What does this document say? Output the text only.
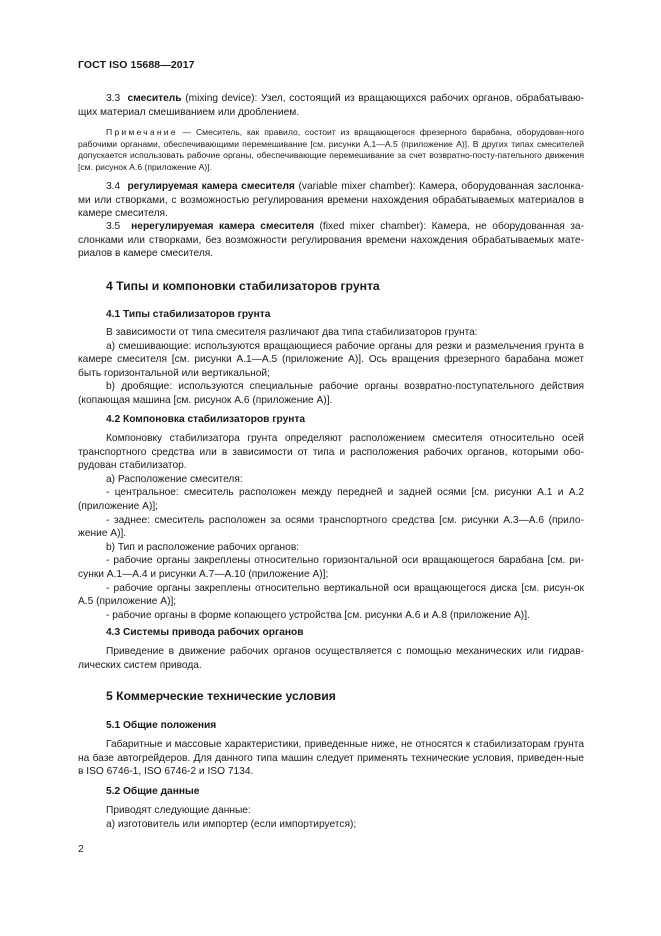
ГОСТ ISO 15688—2017

3.3 смеситель (mixing device): Узел, состоящий из вращающихся рабочих органов, обрабатываю-щих материал смешиванием или дроблением.

Примечание — Смеситель, как правило, состоит из вращающегося фрезерного барабана, оборудован-ного рабочими органами, обеспечивающими перемешивание [см. рисунки А.1—А.5 (приложение А)]. В других типах смесителей допускается использовать рабочие органы, обеспечивающие перемешивание за счет возвратно-посту-пательного движения [см. рисунок А.6 (приложение А)].

3.4 регулируемая камера смесителя (variable mixer chamber): Камера, оборудованная заслонка-ми или створками, с возможностью регулирования времени нахождения обрабатываемых материалов в камере смесителя.

3.5 нерегулируемая камера смесителя (fixed mixer chamber): Камера, не оборудованная за-слонками или створками, без возможности регулирования времени нахождения обрабатываемых мате-риалов в камере смесителя.

4 Типы и компоновки стабилизаторов грунта
4.1 Типы стабилизаторов грунта

В зависимости от типа смесителя различают два типа стабилизаторов грунта:

a) смешивающие: используются вращающиеся рабочие органы для резки и размельчения грунта в камере смесителя [см. рисунки А.1—А.5 (приложение А)]. Ось вращения фрезерного барабана может быть горизонтальной или вертикальной;

b) дробящие: используются специальные рабочие органы возвратно-поступательного действия (копающая машина [см. рисунок А.6 (приложение А)].

4.2 Компоновка стабилизаторов грунта

Компоновку стабилизатора грунта определяют расположением смесителя относительно осей транспортного средства или в зависимости от типа и расположения рабочих органов, которыми обо-рудован стабилизатор.

a) Расположение смесителя:

- центральное: смеситель расположен между передней и задней осями [см. рисунки А.1 и А.2 (приложение А)];

- заднее: смеситель расположен за осями транспортного средства [см. рисунки А.3—А.6 (прило-жение А)].

b) Тип и расположение рабочих органов:

- рабочие органы закреплены относительно горизонтальной оси вращающегося барабана [см. ри-сунки А.1—А.4 и рисунки А.7—А.10 (приложение А)];

- рабочие органы закреплены относительно вертикальной оси вращающегося диска [см. рисун-ок А.5 (приложение А)];

- рабочие органы в форме копающего устройства [см. рисунки А.6 и А.8 (приложение А)].

4.3 Системы привода рабочих органов

Приведение в движение рабочих органов осуществляется с помощью механических или гидрав-лических систем привода.

5 Коммерческие технические условия
5.1 Общие положения

Габаритные и массовые характеристики, приведенные ниже, не относятся к стабилизаторам грунта на базе автогрейдеров. Для данного типа машин следует применять технические условия, приведен-ные в ISO 6746-1, ISO 6746-2 и ISO 7134.

5.2 Общие данные

Приводят следующие данные:

a) изготовитель или импортер (если импортируется);

2
